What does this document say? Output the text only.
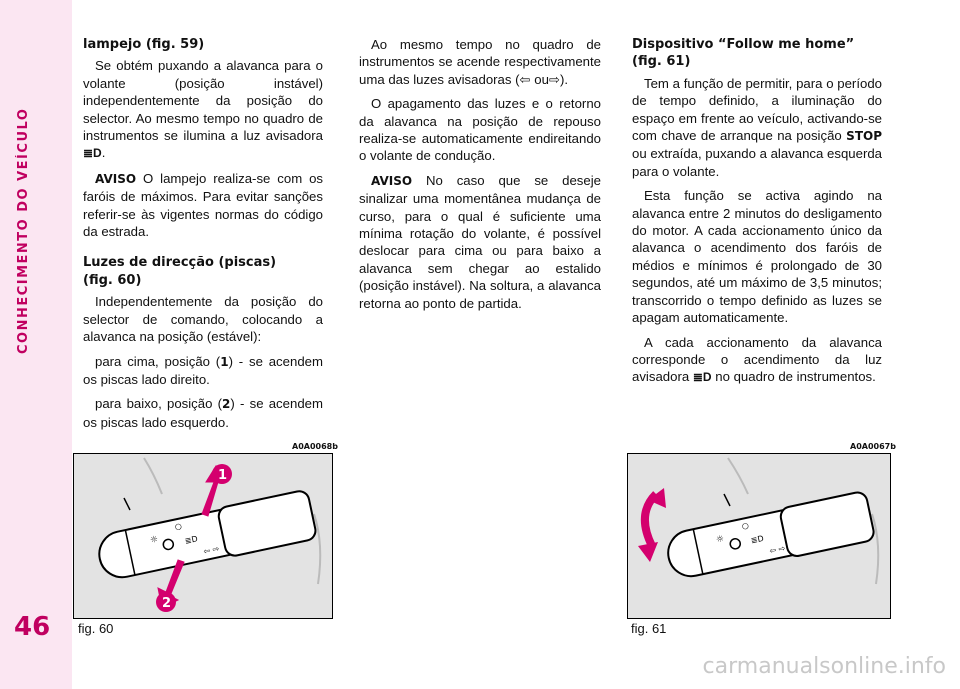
CONHECIMENTO DO VEÍCULO
46
lampejo (fig. 59)

Se obtém puxando a alavanca para o volante (posição instável) independentemente da posição do selector. Ao mesmo tempo no quadro de instrumentos se ilumina a luz avisadora ≣D.

AVISO O lampejo realiza-se com os faróis de máximos. Para evitar sanções referir-se às vigentes normas do código da estrada.

Luzes de direcção (piscas)
(fig. 60)

Independentemente da posição do selector de comando, colocando a alavanca na posição (estável):

para cima, posição (1) - se acendem os piscas lado direito.

para baixo, posição (2) - se acendem os piscas lado esquerdo.

Ao mesmo tempo no quadro de instrumentos se acende respectivamente uma das luzes avisadoras (⇦ ou⇨).

O apagamento das luzes e o retorno da alavanca na posição de repouso realiza-se automaticamente endireitando o volante de condução.

AVISO No caso que se deseje sinalizar uma momentânea mudança de curso, para o qual é suficiente uma mínima rotação do volante, é possível deslocar para cima ou para baixo a alavanca sem chegar ao estalido (posição instável). Na soltura, a alavanca retorna ao ponto de partida.

Dispositivo “Follow me home”
(fig. 61)

Tem a função de permitir, para o período de tempo definido, a iluminação do espaço em frente ao veículo, activando-se com chave de arranque na posição STOP ou extraída, puxando a alavanca esquerda para o volante.

Esta função se activa agindo na alavanca entre 2 minutos do desligamento do motor. A cada accionamento único da alavanca o acendimento dos faróis de médios e mínimos é prolongado de 30 segundos, até um máximo de 3,5 minutos; transcorrido o tempo definido as luzes se apagam automaticamente.

A cada accionamento da alavanca corresponde o acendimento da luz avisadora ≣D no quadro de instrumentos.

A0A0068b
☼
○
≣D
⇦ ⇨
1
2
fig. 60
A0A0067b
☼
○
≣D
⇦ ⇨
fig. 61
carmanualsonline.info
